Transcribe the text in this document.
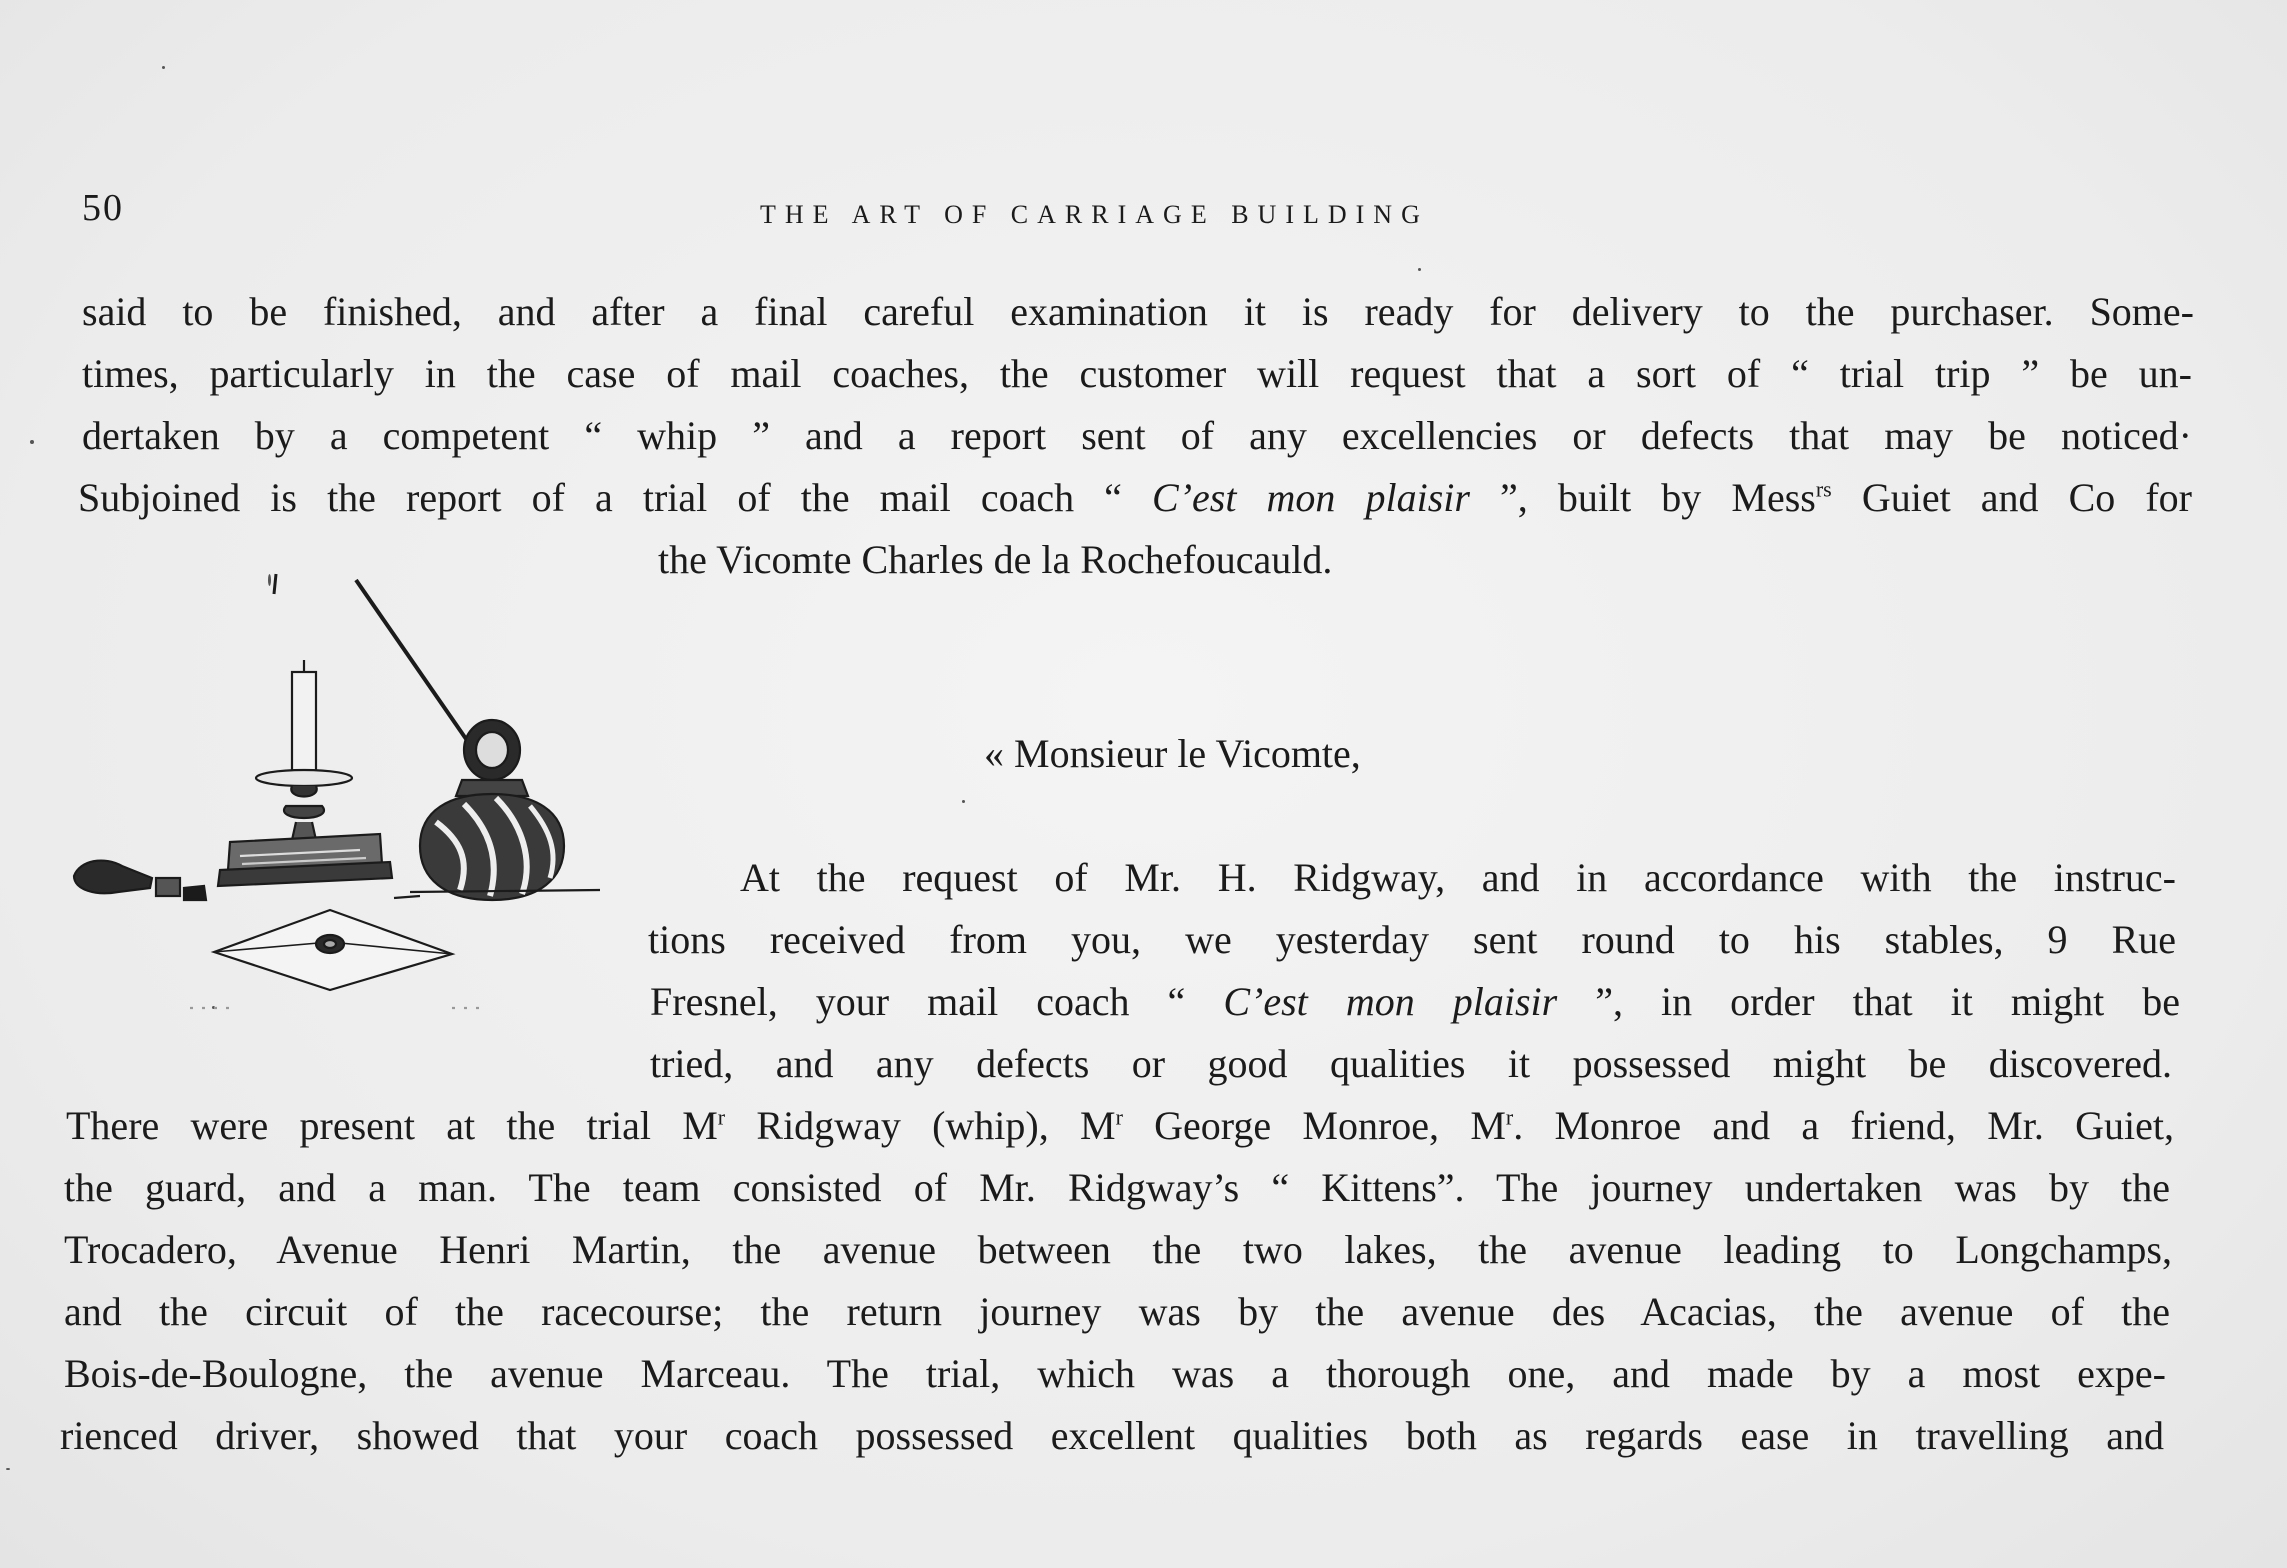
50	THE ART OF CARRIAGE BUILDING
said to be finished, and after a final careful examination it is ready for delivery to the purchaser. Some-
times, particularly in the case of mail coaches, the customer will request that a sort of “ trial trip ” be un-
dertaken by a competent “ whip ” and a report sent of any excellencies or defects that may be noticed·
Subjoined is the report of a trial of the mail coach “ C’est mon plaisir ”, built by Mess$^{rs}$ Guiet and Co for
the Vicomte Charles de la Rochefoucauld.
« Monsieur le Vicomte,
At the request of Mr. H. Ridgway, and in accordance with the instruc-
tions received from you, we yesterday sent round to his stables, 9 Rue
Fresnel, your mail coach “ C’est mon plaisir ”, in order that it might be
tried, and any defects or good qualities it possessed might be discovered.
There were present at the trial $M^r$ Ridgway (whip), $M^r$ George Monroe, $M^r$. Monroe and a friend, Mr. Guiet,
the guard, and a man. The team consisted of Mr. Ridgway’s “ Kittens”. The journey undertaken was by the
Trocadero, Avenue Henri Martin, the avenue between the two lakes, the avenue leading to Longchamps,
and the circuit of the racecourse; the return journey was by the avenue des Acacias, the avenue of the
Bois-de-Boulogne, the avenue Marceau. The trial, which was a thorough one, and made by a most expe-
rienced driver, showed that your coach possessed excellent qualities both as regards ease in travelling and
